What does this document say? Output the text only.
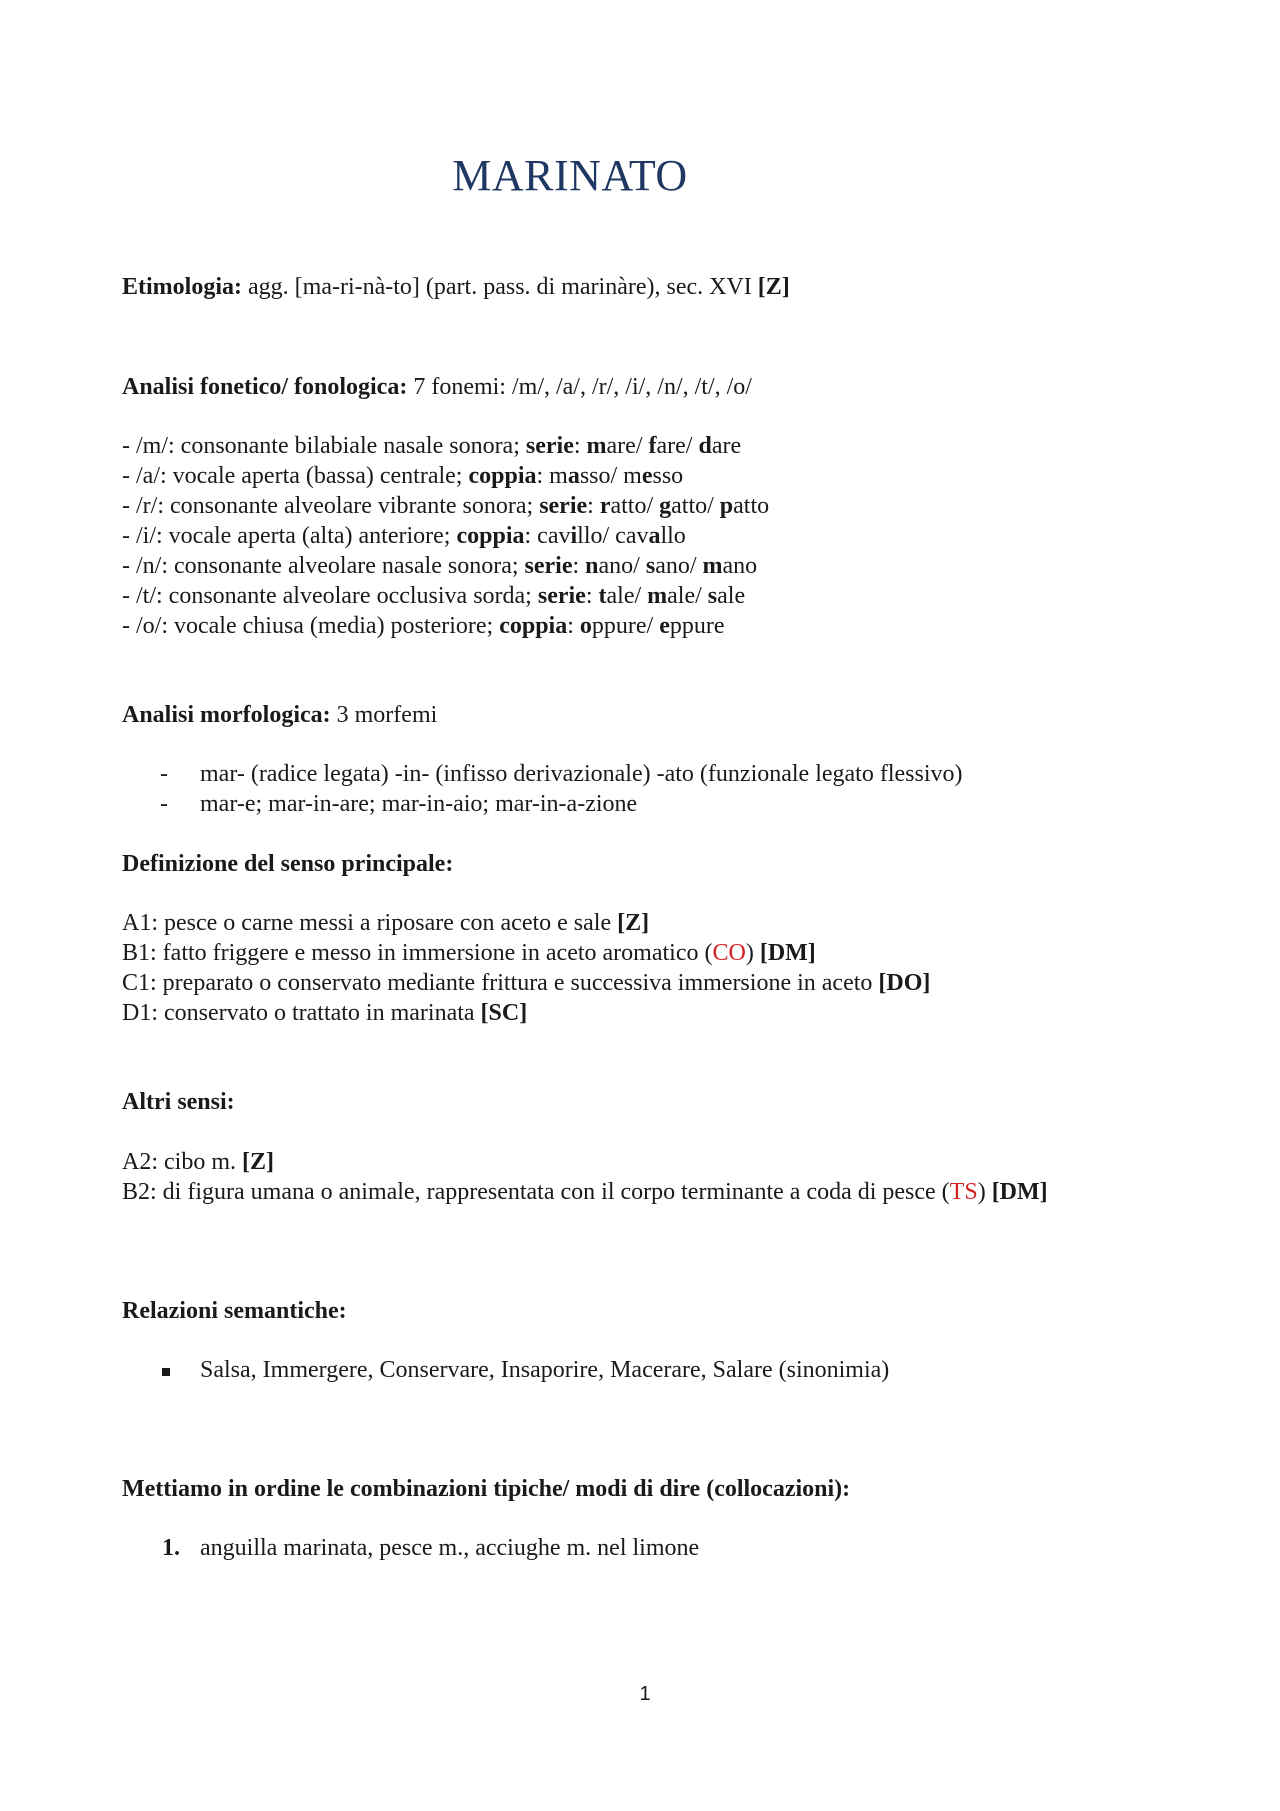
MARINATO
Etimologia: agg. [ma-ri-nà-to] (part. pass. di marinàre), sec. XVI [Z]
Analisi fonetico/ fonologica: 7 fonemi: /m/, /a/, /r/, /i/, /n/, /t/, /o/
- /m/: consonante bilabiale nasale sonora; serie: mare/ fare/ dare
- /a/: vocale aperta (bassa) centrale; coppia: masso/ messo
- /r/: consonante alveolare vibrante sonora; serie: ratto/ gatto/ patto
- /i/: vocale aperta (alta) anteriore; coppia: cavillo/ cavallo
- /n/: consonante alveolare nasale sonora; serie: nano/ sano/ mano
- /t/: consonante alveolare occlusiva sorda; serie: tale/ male/ sale
- /o/: vocale chiusa (media) posteriore; coppia: oppure/ eppure
Analisi morfologica: 3 morfemi
- mar- (radice legata) -in- (infisso derivazionale) -ato (funzionale legato flessivo)
- mar-e; mar-in-are; mar-in-aio; mar-in-a-zione
Definizione del senso principale:
A1: pesce o carne messi a riposare con aceto e sale [Z]
B1: fatto friggere e messo in immersione in aceto aromatico (CO) [DM]
C1: preparato o conservato mediante frittura e successiva immersione in aceto [DO]
D1: conservato o trattato in marinata [SC]
Altri sensi:
A2: cibo m. [Z]
B2: di figura umana o animale, rappresentata con il corpo terminante a coda di pesce (TS) [DM]
Relazioni semantiche:
Salsa, Immergere, Conservare, Insaporire, Macerare, Salare (sinonimia)
Mettiamo in ordine le combinazioni tipiche/ modi di dire (collocazioni):
1. anguilla marinata, pesce m., acciughe m. nel limone
1
